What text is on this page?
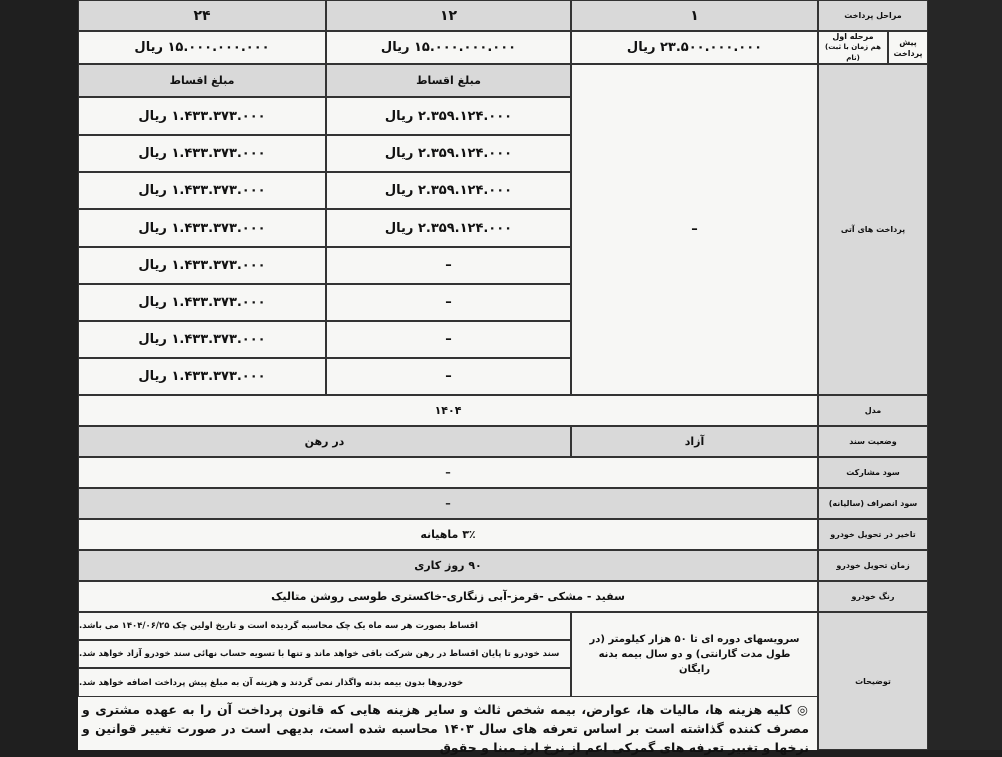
مراحل پرداخت
۱
۱۲
۲۴
پیش پرداخت
مرحله اول
(هم زمان با ثبت نام)
۲۳.۵۰۰.۰۰۰.۰۰۰ ریال
۱۵.۰۰۰.۰۰۰.۰۰۰ ریال
۱۵.۰۰۰.۰۰۰.۰۰۰ ریال
پرداخت های آتی
–
مبلغ اقساط
مبلغ اقساط
۲.۳۵۹.۱۲۴.۰۰۰ ریال
۲.۳۵۹.۱۲۴.۰۰۰ ریال
۲.۳۵۹.۱۲۴.۰۰۰ ریال
۲.۳۵۹.۱۲۴.۰۰۰ ریال
–
–
–
–
۱.۴۳۳.۳۷۳.۰۰۰ ریال
۱.۴۳۳.۳۷۳.۰۰۰ ریال
۱.۴۳۳.۳۷۳.۰۰۰ ریال
۱.۴۳۳.۳۷۳.۰۰۰ ریال
۱.۴۳۳.۳۷۳.۰۰۰ ریال
۱.۴۳۳.۳۷۳.۰۰۰ ریال
۱.۴۳۳.۳۷۳.۰۰۰ ریال
۱.۴۳۳.۳۷۳.۰۰۰ ریال
مدل
۱۴۰۴
وضعیت سند
آزاد
در رهن
سود مشارکت
–
سود انصراف (سالیانه)
–
تاخیر در تحویل خودرو
۳٪ ماهیانه
زمان تحویل خودرو
۹۰ روز کاری
رنگ خودرو
سفید - مشکی -قرمز-آبی زنگاری-خاکستری طوسی روشن متالیک
توضیحات
سرویسهای دوره ای تا ۵۰ هزار کیلومتر (در طول مدت گارانتی) و دو سال بیمه بدنه رایگان
اقساط بصورت هر سه ماه یک چک محاسبه گردیده است و تاریخ اولین چک ۱۴۰۴/۰۶/۲۵ می باشد.
سند خودرو تا پایان اقساط در رهن شرکت باقی خواهد ماند و تنها با تسویه حساب نهائی سند خودرو آزاد خواهد شد.
خودروها بدون بیمه بدنه واگذار نمی گردند و هزینه آن به مبلغ پیش پرداخت اضافه خواهد شد.
◎ کلیه هزینه ها، مالیات ها، عوارض، بیمه شخص ثالث و سایر هزینه هایی که قانون پرداخت آن را به عهده مشتری و مصرف کننده گذاشته است بر اساس تعرفه های سال ۱۴۰۳ محاسبه شده است، بدیهی است در صورت تغییر قوانین و نرخها و تغییر تعرفه های گمرکی اعم از نرخ ارز مبنا و حقوق
